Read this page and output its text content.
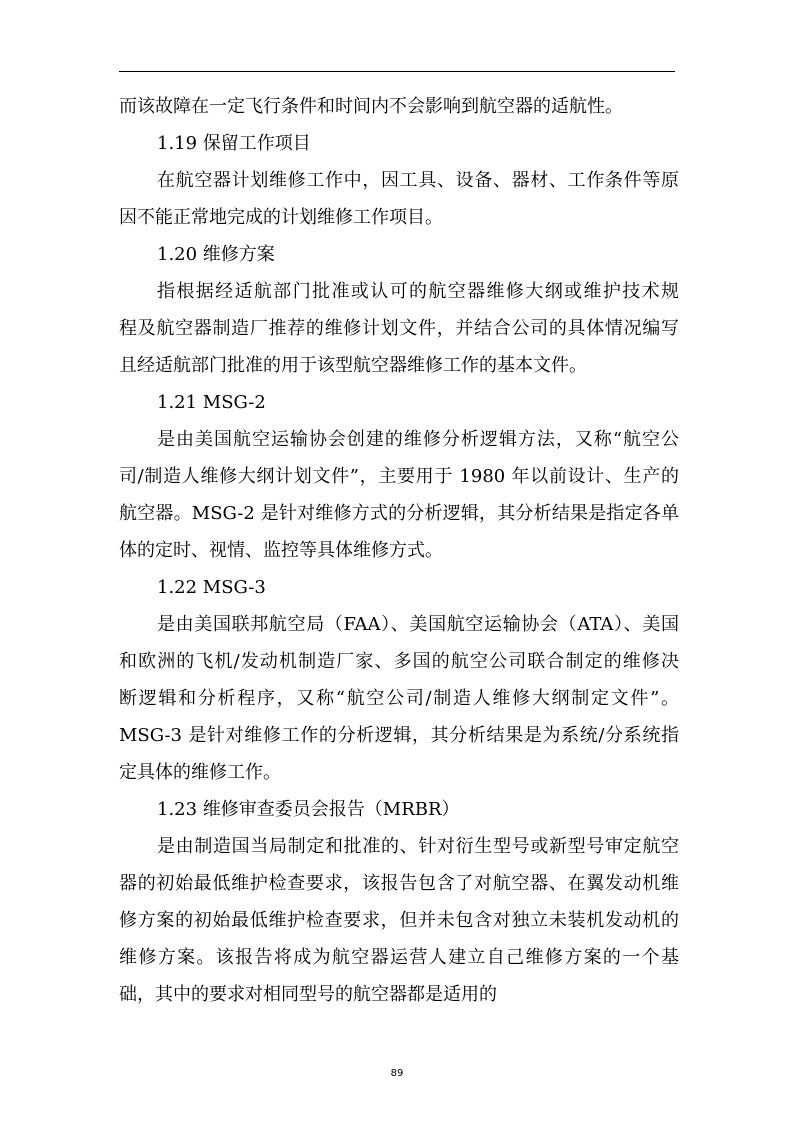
而该故障在一定飞行条件和时间内不会影响到航空器的适航性。
1.19 保留工作项目
在航空器计划维修工作中，因工具、设备、器材、工作条件等原
因不能正常地完成的计划维修工作项目。
1.20 维修方案
指根据经适航部门批准或认可的航空器维修大纲或维护技术规
程及航空器制造厂推荐的维修计划文件，并结合公司的具体情况编写
且经适航部门批准的用于该型航空器维修工作的基本文件。
1.21 MSG-2
是由美国航空运输协会创建的维修分析逻辑方法，又称“航空公
司/制造人维修大纲计划文件”，主要用于 1980 年以前设计、生产的
航空器。MSG-2 是针对维修方式的分析逻辑，其分析结果是指定各单
体的定时、视情、监控等具体维修方式。
1.22 MSG-3
是由美国联邦航空局（FAA）、美国航空运输协会（ATA）、美国
和欧洲的飞机/发动机制造厂家、多国的航空公司联合制定的维修决
断逻辑和分析程序，又称“航空公司/制造人维修大纲制定文件”。
MSG-3 是针对维修工作的分析逻辑，其分析结果是为系统/分系统指
定具体的维修工作。
1.23 维修审查委员会报告（MRBR）
是由制造国当局制定和批准的、针对衍生型号或新型号审定航空
器的初始最低维护检查要求，该报告包含了对航空器、在翼发动机维
修方案的初始最低维护检查要求，但并未包含对独立未装机发动机的
维修方案。该报告将成为航空器运营人建立自己维修方案的一个基
础，其中的要求对相同型号的航空器都是适用的
89
